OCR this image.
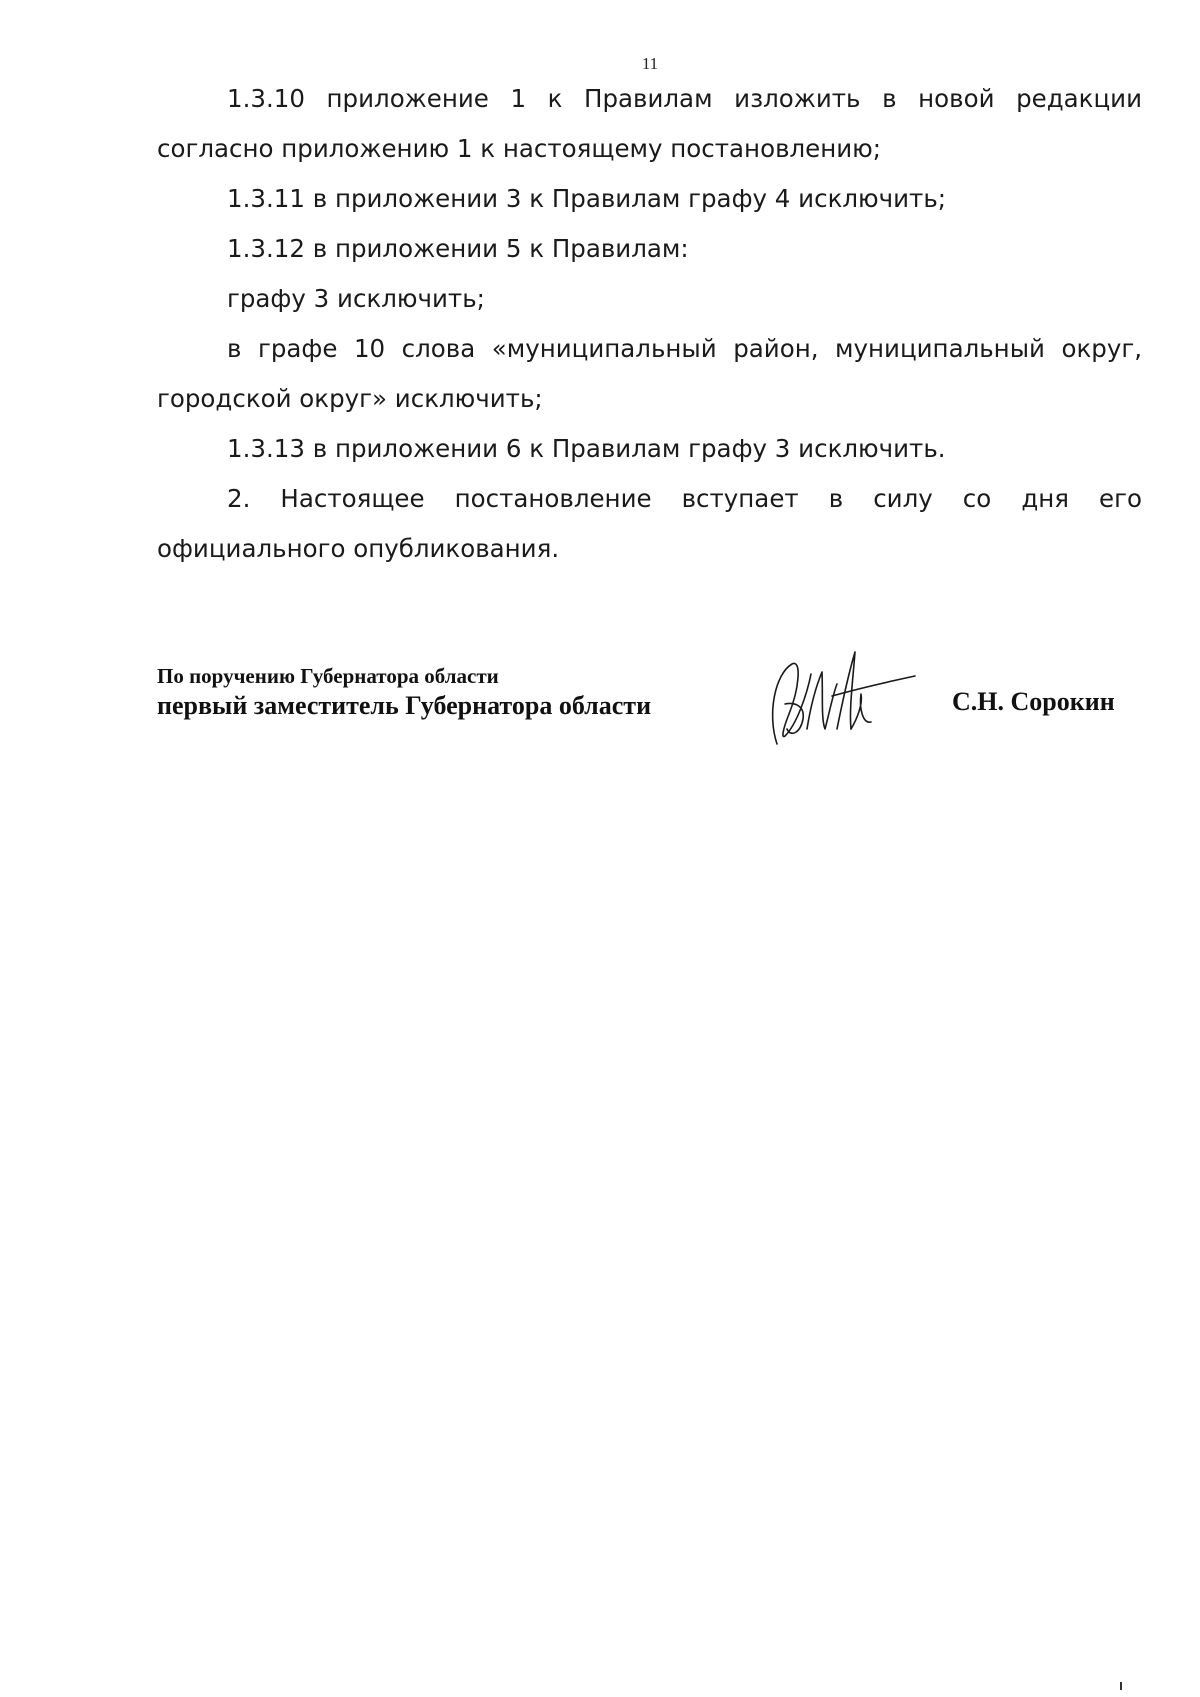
11

1.3.10 приложение 1 к Правилам изложить в новой редакции согласно приложению 1 к настоящему постановлению;

1.3.11 в приложении 3 к Правилам графу 4 исключить;

1.3.12 в приложении 5 к Правилам:

графу 3 исключить;

в графе 10 слова «муниципальный район, муниципальный округ, городской округ» исключить;

1.3.13 в приложении 6 к Правилам графу 3 исключить.

2. Настоящее постановление вступает в силу со дня его официального опубликования.

По поручению Губернатора области
первый заместитель Губернатора области	С.Н. Сорокин
